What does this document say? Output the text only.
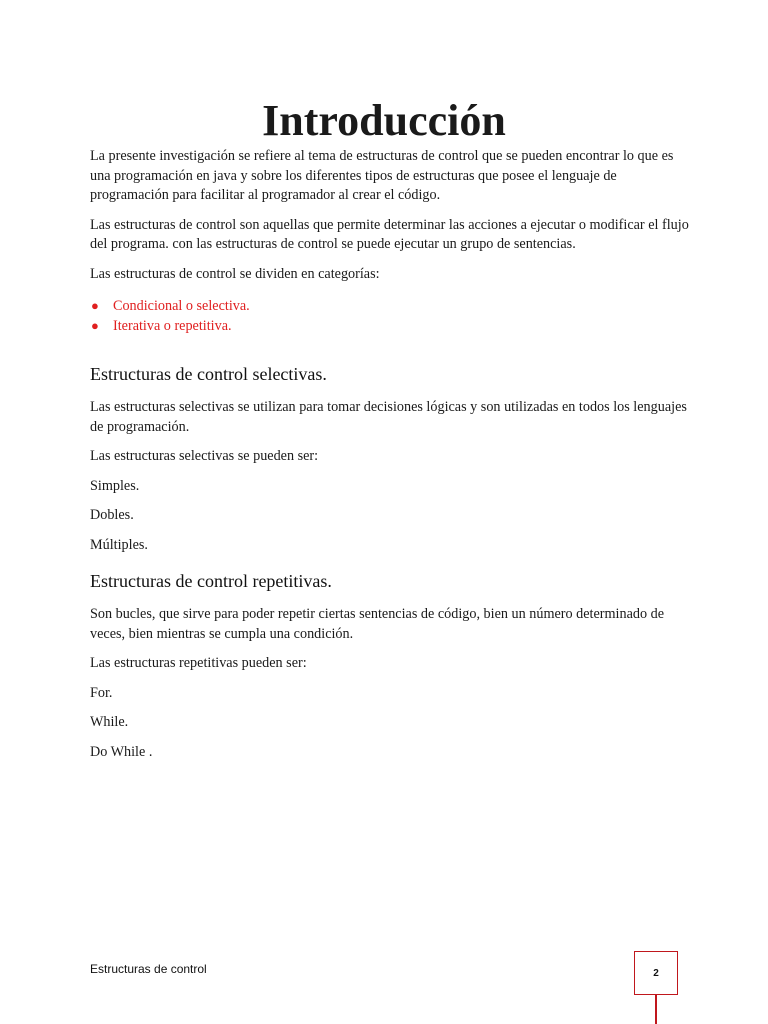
Introducción

La presente investigación se refiere al tema de estructuras de control que se pueden encontrar lo que es una programación en java y sobre los diferentes tipos de estructuras que posee el lenguaje de programación para facilitar al programador al crear el código.

Las estructuras de control son aquellas que permite determinar las acciones a ejecutar o modificar el flujo del programa. con las estructuras de control se puede ejecutar un grupo de sentencias.

Las estructuras de control se dividen en categorías:

● Condicional o selectiva.
● Iterativa o repetitiva.
Estructuras de control selectivas.

Las estructuras selectivas se utilizan para tomar decisiones lógicas y son utilizadas en todos los lenguajes de programación.

Las estructuras selectivas se pueden ser:

Simples.

Dobles.

Múltiples.

Estructuras de control repetitivas.

Son bucles, que sirve para poder repetir ciertas sentencias de código, bien un número determinado de veces, bien mientras se cumpla una condición.

Las estructuras repetitivas pueden ser:

For.

While.

Do While .

Estructuras de control	2
